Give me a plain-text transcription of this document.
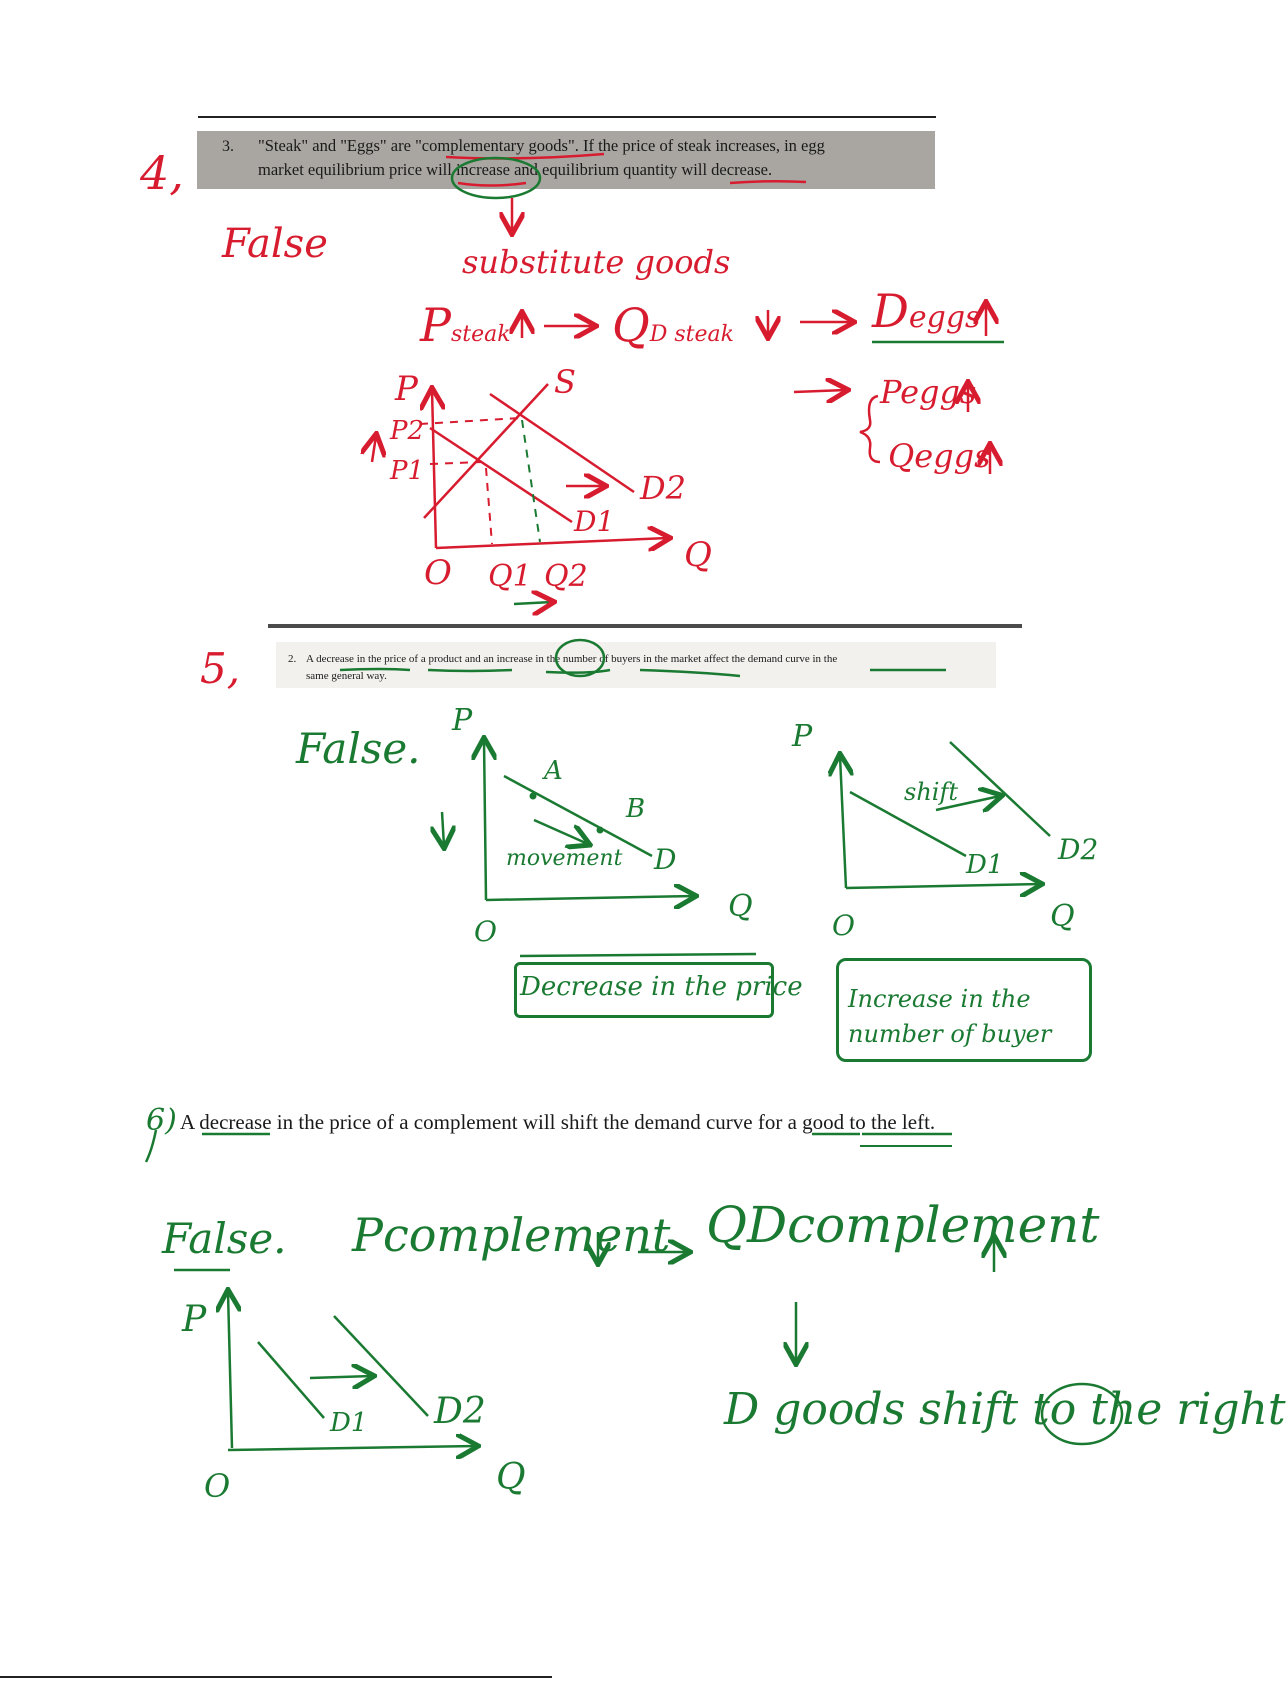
3. "Steak" and "Eggs" are "complementary goods". If the price of steak increases, in egg
market equilibrium price will increase and equilibrium quantity will decrease.
4,
False	substitute goods
Psteak QD steak	Deggs
Peggs
Qeggs
P
P2
P1
S
D2
D1
Q
O Q1 Q2
2. A decrease in the price of a product and an increase in the number of buyers in the market affect the demand curve in the
same general way.
5,
False.
P
A
B
movement D
Q
O
Decrease in the price
P
shift
D1 D2
Q
O
Increase in the number of buyer
A decrease in the price of a complement will shift the demand curve for a good to the left.
6)
False. Pcomplement QDcomplement
D goods shift to the right
P
D1 D2
O	Q
